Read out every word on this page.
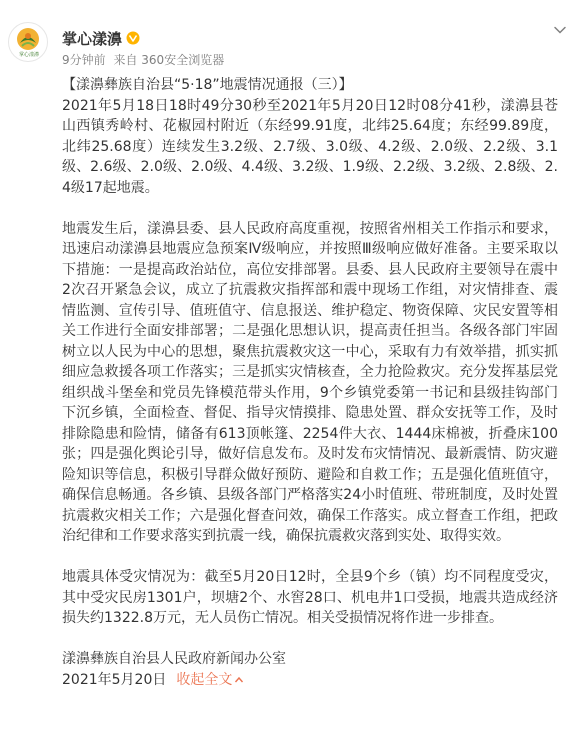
掌心漾濞
掌心漾濞
9分钟前 来自 360安全浏览器

【漾濞彝族自治县“5·18”地震情况通报（三）】

2021年5月18日18时49分30秒至2021年5月20日12时08分41秒，漾濞县苍山西镇秀岭村、花椒园村附近（东经99.91度，北纬25.64度；东经99.89度，北纬25.68度）连续发生3.2级、2.7级、3.0级、4.2级、2.0级、2.2级、3.1级、2.6级、2.0级、2.0级、4.4级、3.2级、1.9级、2.2级、3.2级、2.8级、2.4级17起地震。

地震发生后，漾濞县委、县人民政府高度重视，按照省州相关工作指示和要求，迅速启动漾濞县地震应急预案Ⅳ级响应，并按照Ⅲ级响应做好准备。主要采取以下措施：一是提高政治站位，高位安排部署。县委、县人民政府主要领导在震中2次召开紧急会议，成立了抗震救灾指挥部和震中现场工作组，对灾情排查、震情监测、宣传引导、值班值守、信息报送、维护稳定、物资保障、灾民安置等相关工作进行全面安排部署；二是强化思想认识，提高责任担当。各级各部门牢固树立以人民为中心的思想，聚焦抗震救灾这一中心，采取有力有效举措，抓实抓细应急救援各项工作落实；三是抓实灾情核查，全力抢险救灾。充分发挥基层党组织战斗堡垒和党员先锋模范带头作用，9个乡镇党委第一书记和县级挂钩部门下沉乡镇，全面检查、督促、指导灾情摸排、隐患处置、群众安抚等工作，及时排除隐患和险情，储备有613顶帐篷、2254件大衣、1444床棉被，折叠床100张；四是强化舆论引导，做好信息发布。及时发布灾情情况、最新震情、防灾避险知识等信息，积极引导群众做好预防、避险和自救工作；五是强化值班值守，确保信息畅通。各乡镇、县级各部门严格落实24小时值班、带班制度，及时处置抗震救灾相关工作；六是强化督查问效，确保工作落实。成立督查工作组，把政治纪律和工作要求落实到抗震一线，确保抗震救灾落到实处、取得实效。

地震具体受灾情况为：截至5月20日12时，全县9个乡（镇）均不同程度受灾，其中受灾民房1301户，坝塘2个、水窖28口、机电井1口受损，地震共造成经济损失约1322.8万元，无人员伤亡情况。相关受损情况将作进一步排查。

漾濞彝族自治县人民政府新闻办公室

2021年5月20日 收起全文
